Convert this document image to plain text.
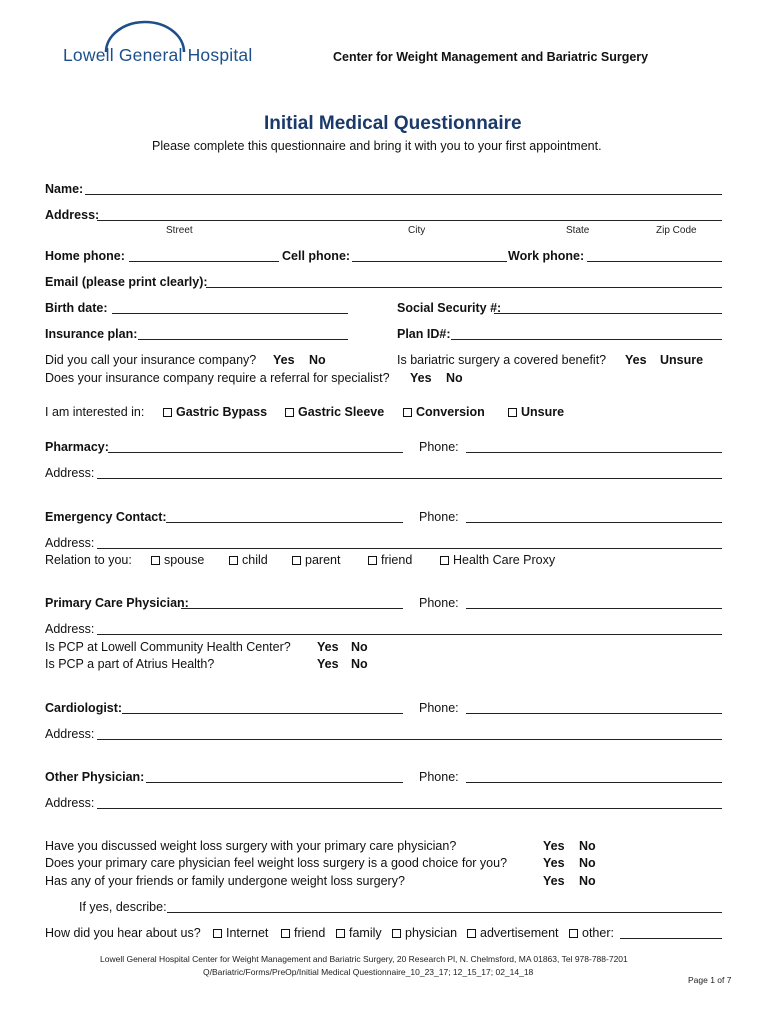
Lowell General Hospital	Center for Weight Management and Bariatric Surgery
Initial Medical Questionnaire
Please complete this questionnaire and bring it with you to your first appointment.
Name:
Address:
Street	City	State	Zip Code
Home phone:	Cell phone:	Work phone:
Email (please print clearly):
Birth date:	Social Security #:
Insurance plan:	Plan ID#:
Did you call your insurance company? Yes No	Is bariatric surgery a covered benefit? Yes Unsure
Does your insurance company require a referral for specialist? Yes No
I am interested in:	Gastric Bypass	Gastric Sleeve	Conversion	Unsure
Pharmacy:	Phone:
Address:
Emergency Contact:	Phone:
Address:
Relation to you:	spouse	child	parent	friend	Health Care Proxy
Primary Care Physician:	Phone:
Address:
Is PCP at Lowell Community Health Center? Yes No
Is PCP a part of Atrius Health?	Yes No
Cardiologist:	Phone:
Address:
Other Physician:	Phone:
Address:
Have you discussed weight loss surgery with your primary care physician?	Yes No
Does your primary care physician feel weight loss surgery is a good choice for you?	Yes No
Has any of your friends or family undergone weight loss surgery?	Yes No
If yes, describe:
How did you hear about us?	Internet	friend	family	physician	advertisement	other:
Lowell General Hospital Center for Weight Management and Bariatric Surgery, 20 Research Pl, N. Chelmsford, MA 01863, Tel 978-788-7201
Q/Bariatric/Forms/PreOp/Initial Medical Questionnaire_10_23_17; 12_15_17; 02_14_18
Page 1 of 7
